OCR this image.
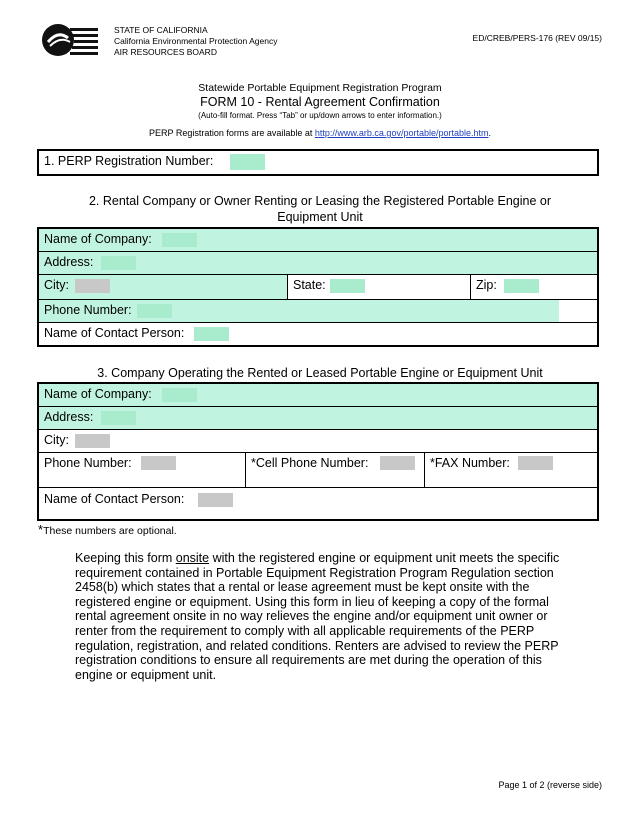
STATE OF CALIFORNIA
California Environmental Protection Agency
AIR RESOURCES BOARD
ED/CREB/PERS-176 (REV 09/15)
Statewide Portable Equipment Registration Program
FORM 10 - Rental Agreement Confirmation
(Auto-fill format. Press “Tab” or up/down arrows to enter information.)
PERP Registration forms are available at http://www.arb.ca.gov/portable/portable.htm.
1. PERP Registration Number:
2. Rental Company or Owner Renting or Leasing the Registered Portable Engine or
Equipment Unit
Name of Company:
Address:
City:	State:	Zip:
Phone Number:
Name of Contact Person:
3. Company Operating the Rented or Leased Portable Engine or Equipment Unit
Name of Company:
Address:
City:
Phone Number:	*Cell Phone Number:	*FAX Number:
Name of Contact Person:
*These numbers are optional.
Keeping this form onsite with the registered engine or equipment unit meets the specific requirement contained in Portable Equipment Registration Program Regulation section 2458(b) which states that a rental or lease agreement must be kept onsite with the registered engine or equipment. Using this form in lieu of keeping a copy of the formal rental agreement onsite in no way relieves the engine and/or equipment unit owner or renter from the requirement to comply with all applicable requirements of the PERP regulation, registration, and related conditions. Renters are advised to review the PERP registration conditions to ensure all requirements are met during the operation of this engine or equipment unit.
Page 1 of 2 (reverse side)
